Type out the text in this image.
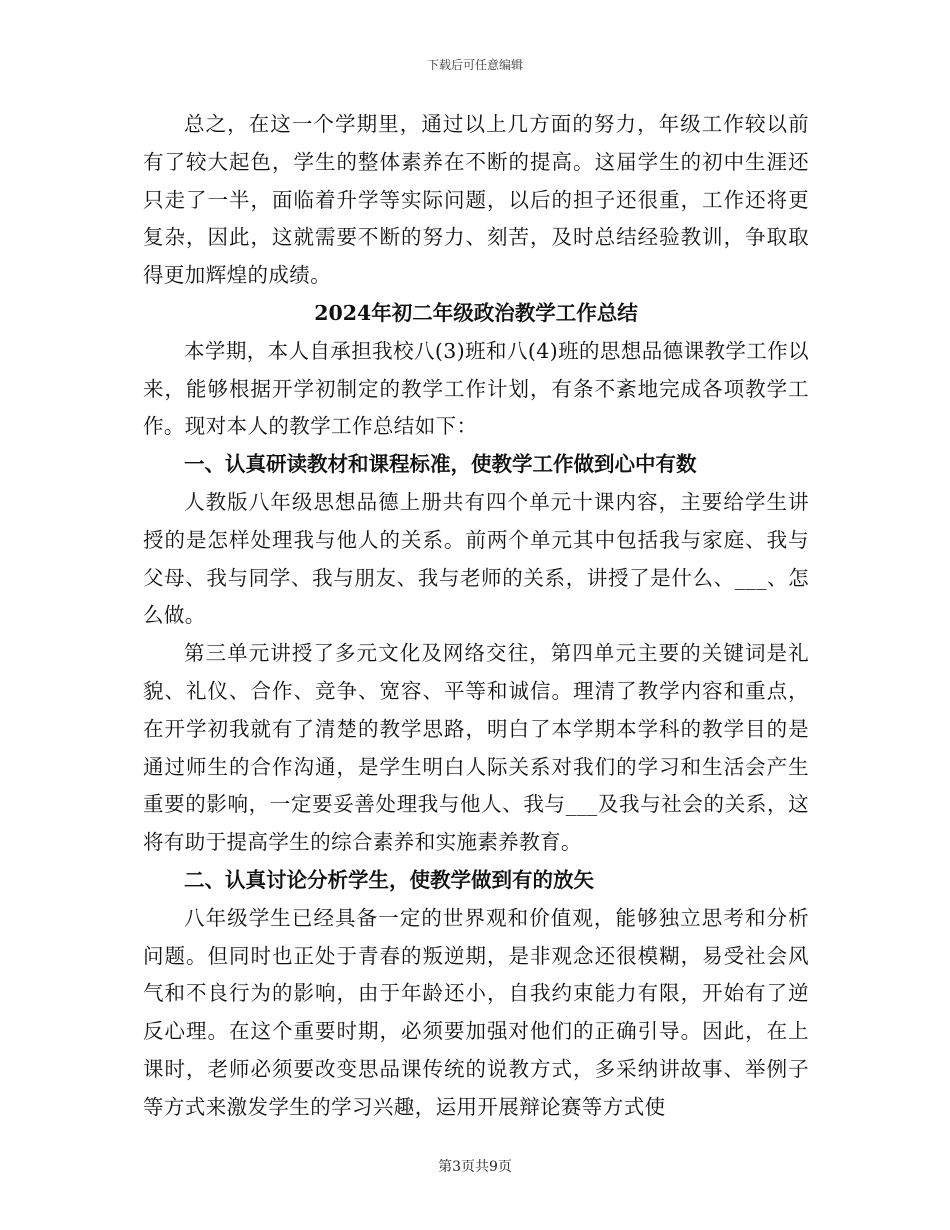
下载后可任意编辑

总之，在这一个学期里，通过以上几方面的努力，年级工作较以前有了较大起色，学生的整体素养在不断的提高。这届学生的初中生涯还只走了一半，面临着升学等实际问题，以后的担子还很重，工作还将更复杂，因此，这就需要不断的努力、刻苦，及时总结经验教训，争取取得更加辉煌的成绩。

2024年初二年级政治教学工作总结

本学期，本人自承担我校八(3)班和八(4)班的思想品德课教学工作以来，能够根据开学初制定的教学工作计划，有条不紊地完成各项教学工作。现对本人的教学工作总结如下：

一、认真研读教材和课程标准，使教学工作做到心中有数

人教版八年级思想品德上册共有四个单元十课内容，主要给学生讲授的是怎样处理我与他人的关系。前两个单元其中包括我与家庭、我与父母、我与同学、我与朋友、我与老师的关系，讲授了是什么、___、怎么做。

第三单元讲授了多元文化及网络交往，第四单元主要的关键词是礼貌、礼仪、合作、竞争、宽容、平等和诚信。理清了教学内容和重点，在开学初我就有了清楚的教学思路，明白了本学期本学科的教学目的是通过师生的合作沟通，是学生明白人际关系对我们的学习和生活会产生重要的影响，一定要妥善处理我与他人、我与___及我与社会的关系，这将有助于提高学生的综合素养和实施素养教育。

二、认真讨论分析学生，使教学做到有的放矢

八年级学生已经具备一定的世界观和价值观，能够独立思考和分析问题。但同时也正处于青春的叛逆期，是非观念还很模糊，易受社会风气和不良行为的影响，由于年龄还小，自我约束能力有限，开始有了逆反心理。在这个重要时期，必须要加强对他们的正确引导。因此，在上课时，老师必须要改变思品课传统的说教方式，多采纳讲故事、举例子等方式来激发学生的学习兴趣，运用开展辩论赛等方式使

第3页共9页
